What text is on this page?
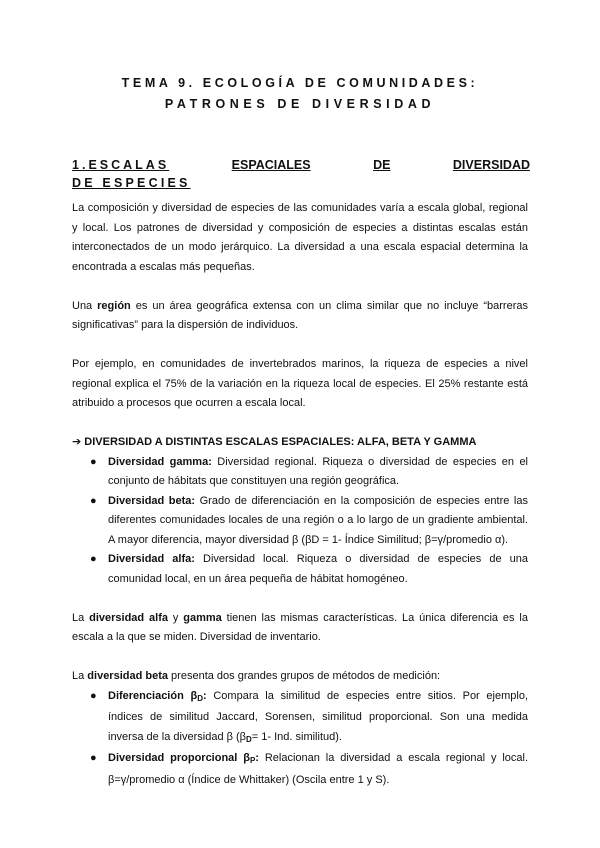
TEMA 9. ECOLOGÍA DE COMUNIDADES:
PATRONES DE DIVERSIDAD
1.ESCALAS	ESPACIALES	DE	DIVERSIDAD
DE ESPECIES

La composición y diversidad de especies de las comunidades varía a escala global, regional y local. Los patrones de diversidad y composición de especies a distintas escalas están interconectados de un modo jerárquico. La diversidad a una escala espacial determina la encontrada a escalas más pequeñas.

Una región es un área geográfica extensa con un clima similar que no incluye “barreras significativas” para la dispersión de individuos.

Por ejemplo, en comunidades de invertebrados marinos, la riqueza de especies a nivel regional explica el 75% de la variación en la riqueza local de especies. El 25% restante está atribuido a procesos que ocurren a escala local.

➔ DIVERSIDAD A DISTINTAS ESCALAS ESPACIALES: ALFA, BETA Y GAMMA

● Diversidad gamma: Diversidad regional. Riqueza o diversidad de especies en el conjunto de hábitats que constituyen una región geográfica.
● Diversidad beta: Grado de diferenciación en la composición de especies entre las diferentes comunidades locales de una región o a lo largo de un gradiente ambiental. A mayor diferencia, mayor diversidad β (βD = 1- Índice Similitud; β=γ/promedio α).
● Diversidad alfa: Diversidad local. Riqueza o diversidad de especies de una comunidad local, en un área pequeña de hábitat homogéneo.

La diversidad alfa y gamma tienen las mismas características. La única diferencia es la escala a la que se miden. Diversidad de inventario.

La diversidad beta presenta dos grandes grupos de métodos de medición:

● Diferenciación $\beta_D$: Compara la similitud de especies entre sitios. Por ejemplo, índices de similitud Jaccard, Sorensen, similitud proporcional. Son una medida inversa de la diversidad β ($\beta_D= 1-$ Ind. similitud).
● Diversidad proporcional $\beta_P$: Relacionan la diversidad a escala regional y local. β=γ/promedio α (Índice de Whittaker) (Oscila entre 1 y S).
